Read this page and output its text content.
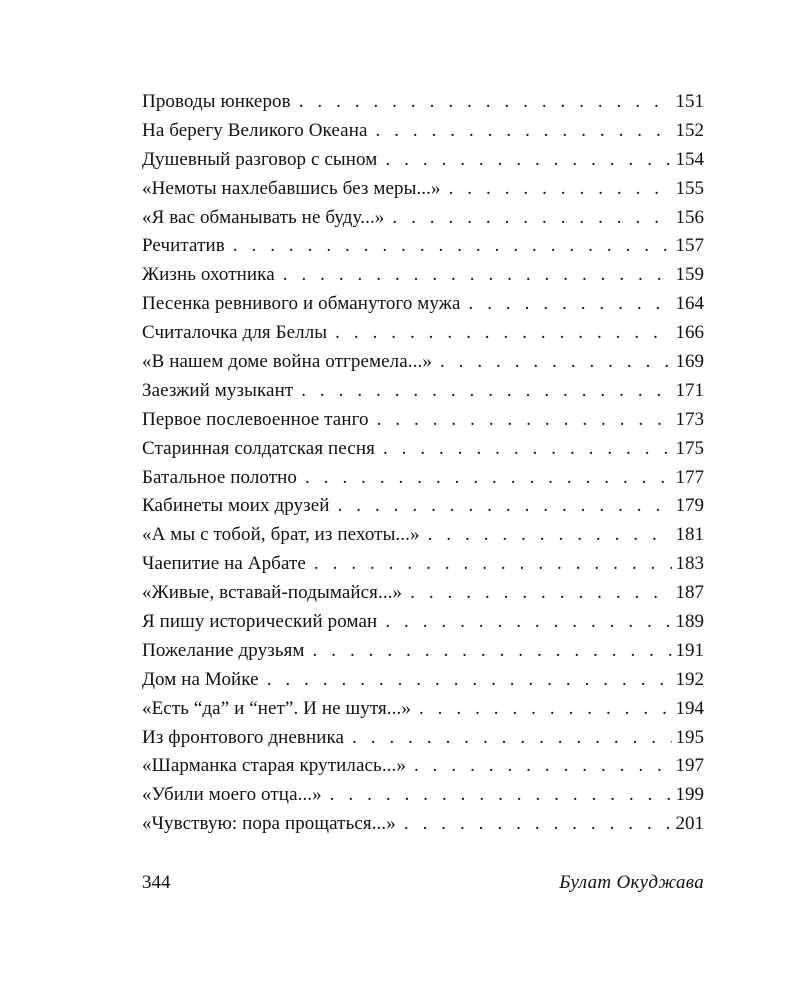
Проводы юнкеров . . .	151
На берегу Великого Океана . . .	152
Душевный разговор с сыном . . .	154
«Немоты нахлебавшись без меры...» . . .	155
«Я вас обманывать не буду...» . . .	156
Речитатив . . .	157
Жизнь охотника . . .	159
Песенка ревнивого и обманутого мужа . . .	164
Считалочка для Беллы . . .	166
«В нашем доме война отгремела...» . . .	169
Заезжий музыкант . . .	171
Первое послевоенное танго . . .	173
Старинная солдатская песня . . .	175
Батальное полотно . . .	177
Кабинеты моих друзей . . .	179
«А мы с тобой, брат, из пехоты...» . . .	181
Чаепитие на Арбате . . .	183
«Живые, вставай-подымайся...» . . .	187
Я пишу исторический роман . . .	189
Пожелание друзьям . . .	191
Дом на Мойке . . .	192
«Есть “да” и “нет”. И не шутя...» . . .	194
Из фронтового дневника . . .	195
«Шарманка старая крутилась...» . . .	197
«Убили моего отца...» . . .	199
«Чувствую: пора прощаться...» . . .	201
344	Булат Окуджава
